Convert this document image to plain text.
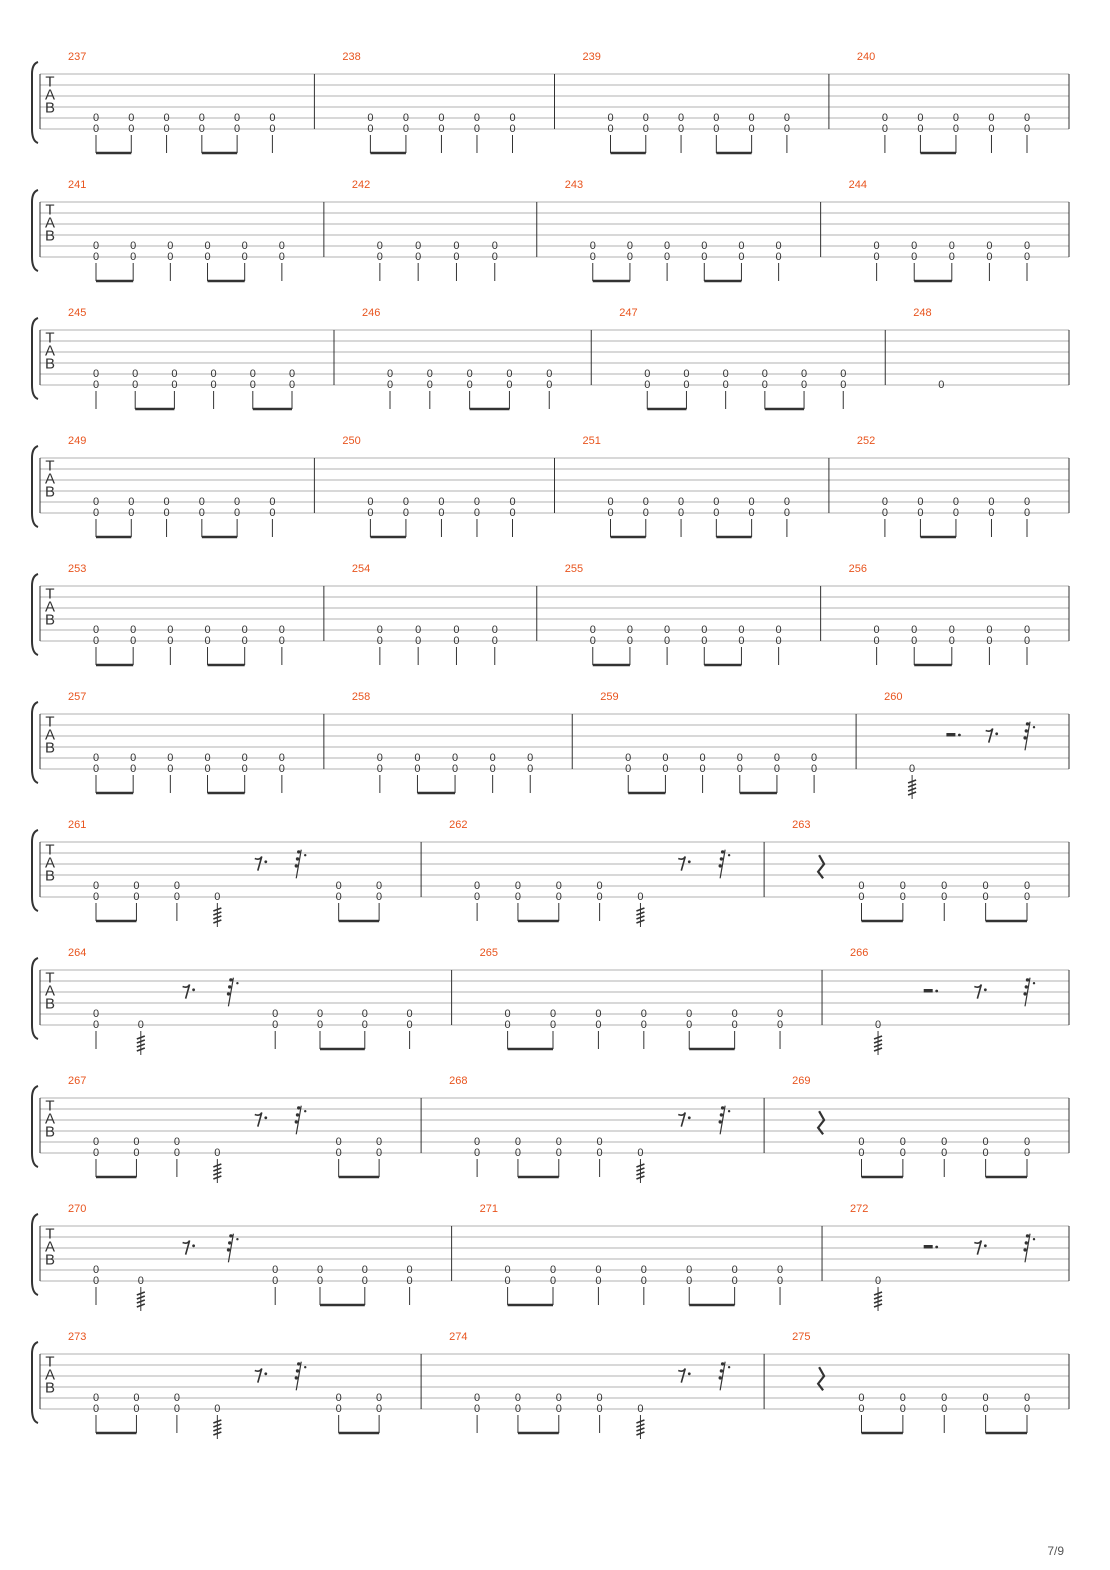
T
A
B
237
0
0
0
0
0
0
0
0
0
0
0
0
238
0
0
0
0
0
0
0
0
0
0
239
0
0
0
0
0
0
0
0
0
0
0
0
240
0
0
0
0
0
0
0
0
0
0
T
A
B
241
0
0
0
0
0
0
0
0
0
0
0
0
242
0
0
0
0
0
0
0
0
243
0
0
0
0
0
0
0
0
0
0
0
0
244
0
0
0
0
0
0
0
0
0
0
T
A
B
245
0
0
0
0
0
0
0
0
0
0
0
0
246
0
0
0
0
0
0
0
0
0
0
247
0
0
0
0
0
0
0
0
0
0
0
0
248
0
T
A
B
249
0
0
0
0
0
0
0
0
0
0
0
0
250
0
0
0
0
0
0
0
0
0
0
251
0
0
0
0
0
0
0
0
0
0
0
0
252
0
0
0
0
0
0
0
0
0
0
T
A
B
253
0
0
0
0
0
0
0
0
0
0
0
0
254
0
0
0
0
0
0
0
0
255
0
0
0
0
0
0
0
0
0
0
0
0
256
0
0
0
0
0
0
0
0
0
0
T
A
B
257
0
0
0
0
0
0
0
0
0
0
0
0
258
0
0
0
0
0
0
0
0
0
0
259
0
0
0
0
0
0
0
0
0
0
0
0
260
0
T
A
B
261
0
0
0
0
0
0	0
0
0
0
0
262
0
0
0
0
0
0
0
0	0
263
0
0
0
0
0
0
0
0
0
0
T
A
B
264
0
0	0
0
0
0
0
0
0
0
0
265
0
0
0
0
0
0
0
0
0
0
0
0
0
0
266
0
T
A
B
267
0
0
0
0
0
0	0
0
0
0
0
268
0
0
0
0
0
0
0
0	0
269
0
0
0
0
0
0
0
0
0
0
T
A
B
270
0
0	0
0
0
0
0
0
0
0
0
271
0
0
0
0
0
0
0
0
0
0
0
0
0
0
272
0
T
A
B
273
0
0
0
0
0
0	0
0
0
0
0
274
0
0
0
0
0
0
0
0	0
275
0
0
0
0
0
0
0
0
0
0
7/9
